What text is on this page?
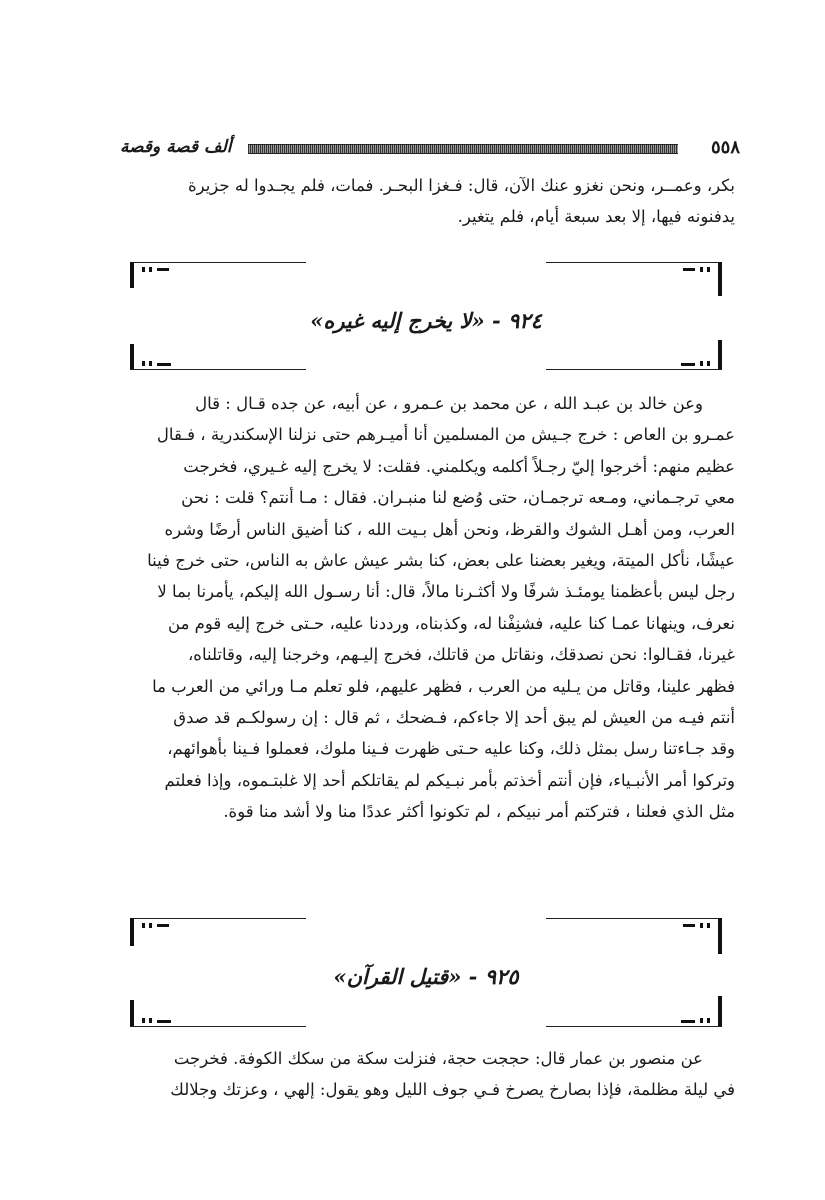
٥٥٨
ألف قصة وقصة

بكر، وعمــر، ونحن نغزو عنك الآن، قال: فـغزا البحـر. فمات، فلم يجـدوا له جزيرة

يدفنونه فيها، إلا بعد سبعة أيام، فلم يتغير.

٩٢٤ - «لا يخرج إليه غيره»

وعن خالد بن عبـد الله ، عن محمد بن عـمرو ، عن أبيه، عن جده قـال : قال

عمـرو بن العاص : خرج جـيش من المسلمين أنا أميـرهم حتى نزلنا الإسكندرية ، فـقال

عظيم منهم: أخرجوا إليّ رجـلاً أكلمه ويكلمني. فقلت: لا يخرج إليه غـيري، فخرجت

معي ترجـماني، ومـعه ترجمـان، حتى وُضع لنا منبـران. فقال : مـا أنتم؟ قلت : نحن

العرب، ومن أهـل الشوك والقرظ، ونحن أهل بـيت الله ، كنا أضيق الناس أرضًا وشره

عيشًا، نأكل الميتة، ويغير بعضنا على بعض، كنا بشر عيش عاش به الناس، حتى خرج فينا

رجل ليس بأعظمنا يومئـذ شرفًا ولا أكثـرنا مالاً، قال: أنا رسـول الله إليكم، يأمرنا بما لا

نعرف، وينهانا عمـا كنا عليه، فشنِفْنا له، وكذبناه، ورددنا عليه، حـتى خرج إليه قوم من

غيرنا، فقـالوا: نحن نصدقك، ونقاتل من قاتلك، فخرج إليـهم، وخرجنا إليه، وقاتلناه،

فظهر علينا، وقاتل من يـليه من العرب ، فظهر عليهم، فلو تعلم مـا ورائي من العرب ما

أنتم فيـه من العيش لم يبق أحد إلا جاءكم، فـضحك ، ثم قال : إن رسولكـم قد صدق

وقد جـاءتنا رسل بمثل ذلك، وكنا عليه حـتى ظهرت فـينا ملوك، فعملوا فـينا بأهوائهم،

وتركوا أمر الأنبـياء، فإن أنتم أخذتم بأمر نبـيكم لم يقاتلكم أحد إلا غلبتـموه، وإذا فعلتم

مثل الذي فعلنا ، فتركتم أمر نبيكم ، لم تكونوا أكثر عددًا منا ولا أشد منا قوة.

٩٢٥ - «قتيل القرآن»

عن منصور بن عمار قال: حججت حجة، فنزلت سكة من سكك الكوفة. فخرجت

في ليلة مظلمة، فإذا بصارخ يصرخ فـي جوف الليل وهو يقول: إلهي ، وعزتك وجلالك
